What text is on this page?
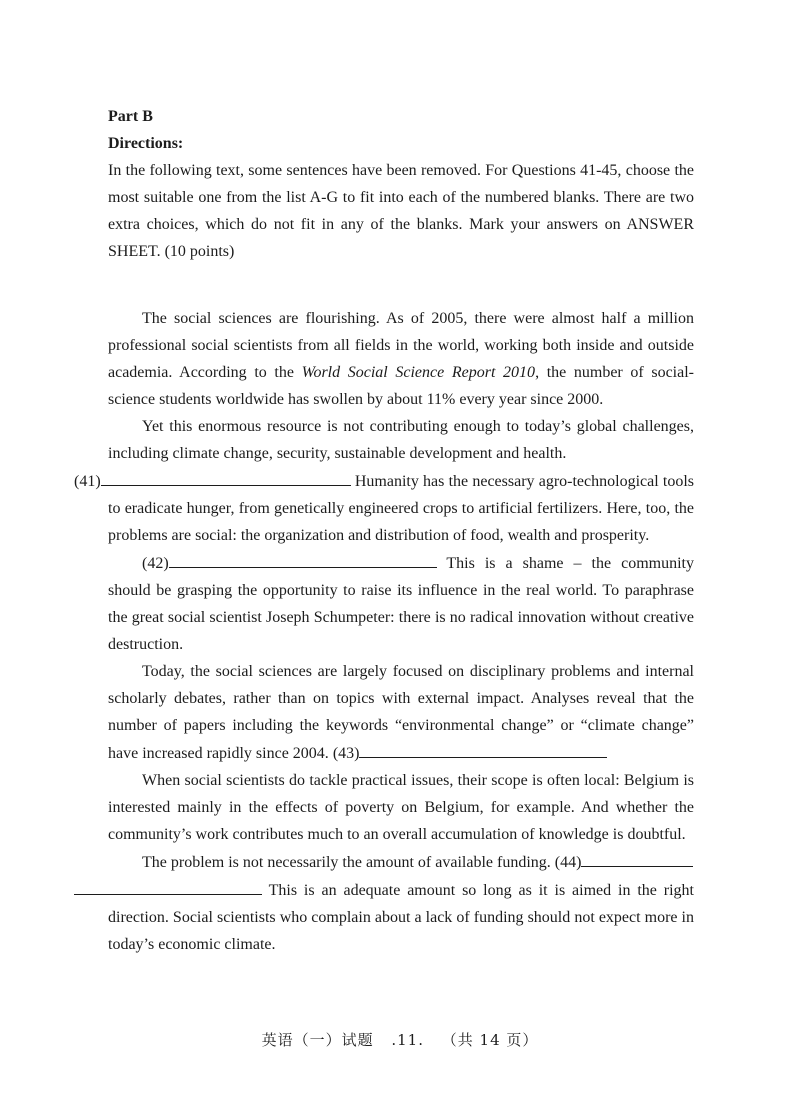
Part B

Directions:

In the following text, some sentences have been removed. For Questions 41-45, choose the most suitable one from the list A-G to fit into each of the numbered blanks. There are two extra choices, which do not fit in any of the blanks. Mark your answers on ANSWER SHEET. (10 points)

The social sciences are flourishing. As of 2005, there were almost half a million professional social scientists from all fields in the world, working both inside and outside academia. According to the World Social Science Report 2010, the number of social-science students worldwide has swollen by about 11% every year since 2000.

Yet this enormous resource is not contributing enough to today’s global challenges, including climate change, security, sustainable development and health.
(41)	Humanity has the necessary agro-technological tools to eradicate hunger, from genetically engineered crops to artificial fertilizers. Here, too, the problems are social: the organization and distribution of food, wealth and prosperity.

(42)	This is a shame – the community should be grasping the opportunity to raise its influence in the real world. To paraphrase the great social scientist Joseph Schumpeter: there is no radical innovation without creative destruction.

Today, the social sciences are largely focused on disciplinary problems and internal scholarly debates, rather than on topics with external impact. Analyses reveal that the number of papers including the keywords “environmental change” or “climate change” have increased rapidly since 2004. (43)

When social scientists do tackle practical issues, their scope is often local: Belgium is interested mainly in the effects of poverty on Belgium, for example. And whether the community’s work contributes much to an overall accumulation of knowledge is doubtful.

The problem is not necessarily the amount of available funding. (44)
This is an adequate amount so long as it is aimed in the right direction. Social scientists who complain about a lack of funding should not expect more in today’s economic climate.

英语（一）试题 .11. （共 14 页）
